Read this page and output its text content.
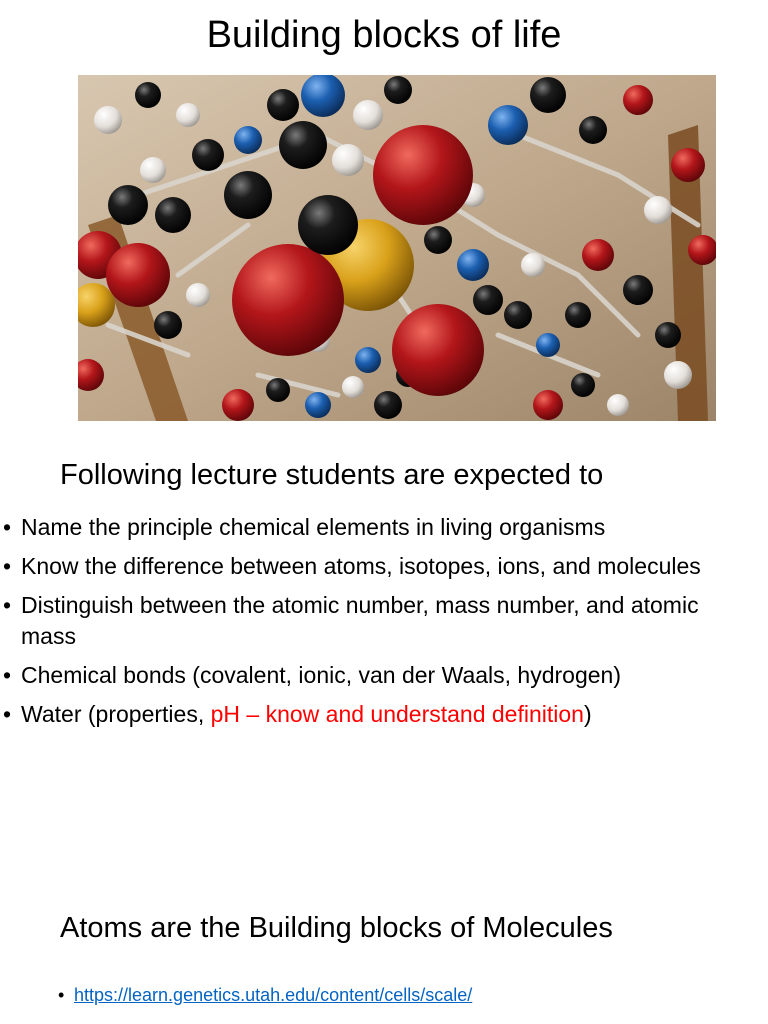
Building blocks of life
Following lecture students are expected to
• Name the principle chemical elements in living organisms
• Know the difference between atoms, isotopes, ions, and molecules
• Distinguish between the atomic number, mass number, and atomic mass
• Chemical bonds (covalent, ionic, van der Waals, hydrogen)
• Water (properties, pH – know and understand definition)
Atoms are the Building blocks of Molecules
• https://learn.genetics.utah.edu/content/cells/scale/
